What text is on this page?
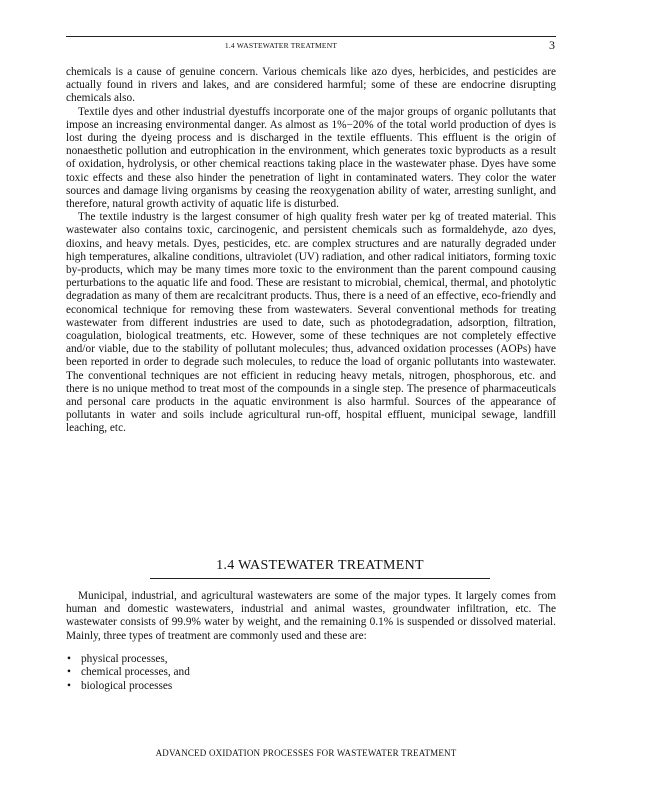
1.4 WASTEWATER TREATMENT	3

chemicals is a cause of genuine concern. Various chemicals like azo dyes, herbicides, and pesticides are actually found in rivers and lakes, and are considered harmful; some of these are endocrine disrupting chemicals also.

Textile dyes and other industrial dyestuffs incorporate one of the major groups of organic pollutants that impose an increasing environmental danger. As almost as 1%−20% of the total world production of dyes is lost during the dyeing process and is discharged in the textile effluents. This effluent is the origin of nonaesthetic pollution and eutrophication in the environment, which generates toxic byproducts as a result of oxidation, hydrolysis, or other chemical reactions taking place in the wastewater phase. Dyes have some toxic effects and these also hinder the penetration of light in contaminated waters. They color the water sources and damage living organisms by ceasing the reoxygenation ability of water, arresting sunlight, and therefore, natural growth activity of aquatic life is disturbed.

The textile industry is the largest consumer of high quality fresh water per kg of treated material. This wastewater also contains toxic, carcinogenic, and persistent chemicals such as formaldehyde, azo dyes, dioxins, and heavy metals. Dyes, pesticides, etc. are complex structures and are naturally degraded under high temperatures, alkaline conditions, ultraviolet (UV) radiation, and other radical initiators, forming toxic by-products, which may be many times more toxic to the environment than the parent compound causing perturbations to the aquatic life and food. These are resistant to microbial, chemical, thermal, and photolytic degradation as many of them are recalcitrant products. Thus, there is a need of an effective, eco-friendly and economical technique for removing these from wastewaters. Several conventional methods for treating wastewater from different industries are used to date, such as photodegradation, adsorption, filtration, coagulation, biological treatments, etc. However, some of these techniques are not completely effective and/or viable, due to the stability of pollutant molecules; thus, advanced oxidation processes (AOPs) have been reported in order to degrade such molecules, to reduce the load of organic pollutants into wastewater. The conventional techniques are not efficient in reducing heavy metals, nitrogen, phosphorous, etc. and there is no unique method to treat most of the compounds in a single step. The presence of pharmaceuticals and personal care products in the aquatic environment is also harmful. Sources of the appearance of pollutants in water and soils include agricultural run-off, hospital effluent, municipal sewage, landfill leaching, etc.

1.4 WASTEWATER TREATMENT

Municipal, industrial, and agricultural wastewaters are some of the major types. It largely comes from human and domestic wastewaters, industrial and animal wastes, groundwater infiltration, etc. The wastewater consists of 99.9% water by weight, and the remaining 0.1% is suspended or dissolved material. Mainly, three types of treatment are commonly used and these are:

• physical processes,
• chemical processes, and
• biological processes
ADVANCED OXIDATION PROCESSES FOR WASTEWATER TREATMENT
